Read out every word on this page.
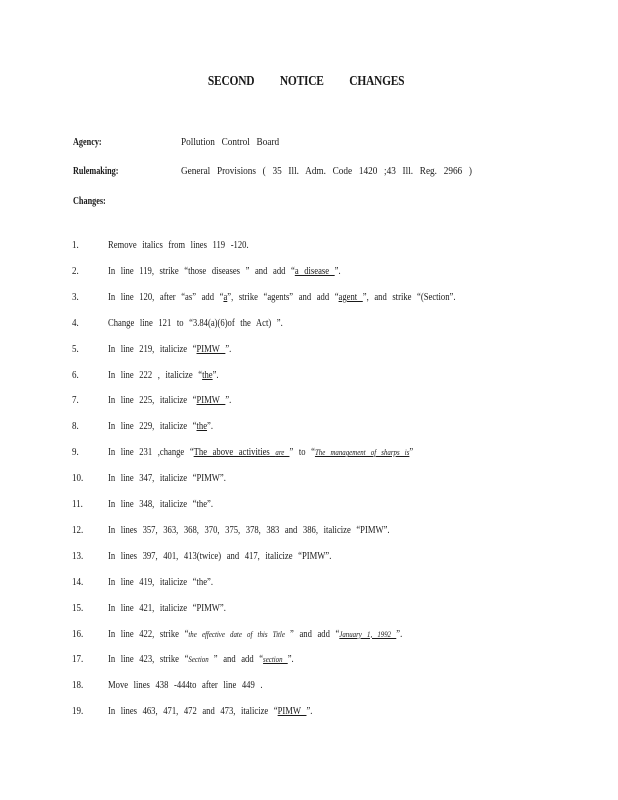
SECOND NOTICE CHANGES
Agency:	Pollution Control Board
Rulemaking:	General Provisions ( 35 Ill. Adm. Code 1420 ;43 Ill. Reg. 2966 )
Changes:
1.	Remove italics from lines 119 -120.
2.	In line 119, strike “those diseases ” and add “a disease ”.
3.	In line 120, after “as” add “a”, strike “agents” and add “agent ”, and strike “(Section”.
4.	Change line 121 to “3.84(a)(6)of the Act) ”.
5.	In line 219, italicize “PIMW ”.
6.	In line 222 , italicize “the”.
7.	In line 225, italicize “PIMW ”.
8.	In line 229, italicize “the”.
9.	In line 231 ,change “The above activities are ” to “The management of sharps is”
10. In line 347, italicize “PIMW”.
11.	In line 348, italicize “the”.
12. In lines 357, 363, 368, 370, 375, 378, 383 and 386, italicize “PIMW”.
13. In lines 397, 401, 413(twice) and 417, italicize “PIMW”.
14. In line 419, italicize “the”.
15. In line 421, italicize “PIMW”.
16. In line 422, strike “the effective date of this Title ” and add “January 1, 1992 ”.
17. In line 423, strike “Section ” and add “section ”.
18. Move lines 438 -444to after line 449 .
19. In lines 463, 471, 472 and 473, italicize “PIMW ”.
